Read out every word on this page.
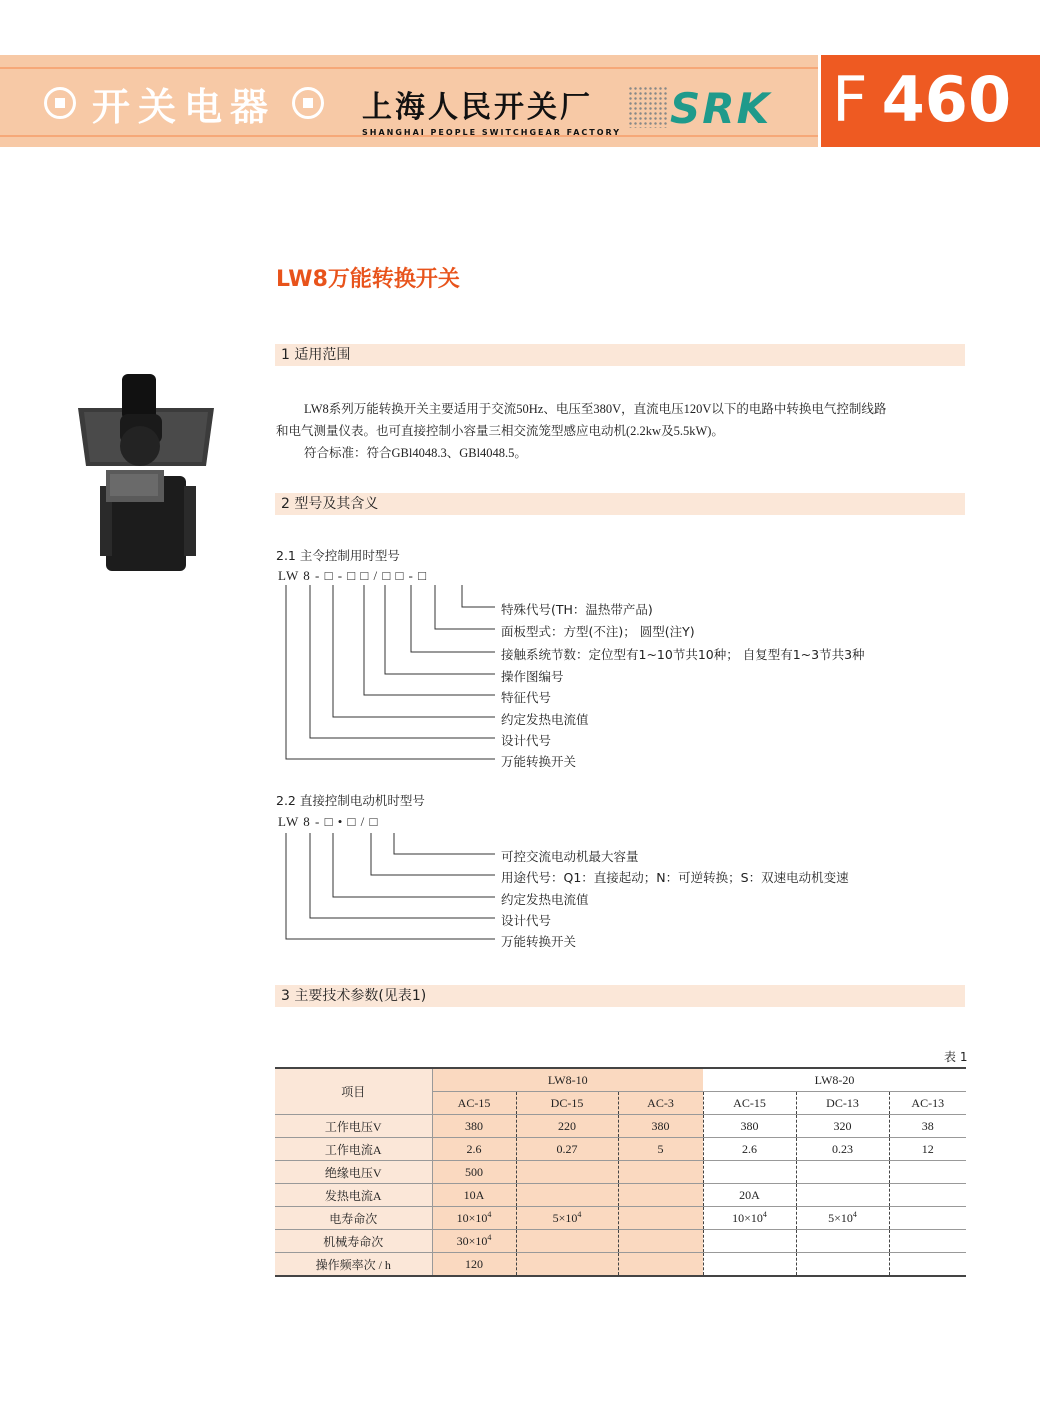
开关电器	上海人民开关厂
SHANGHAI PEOPLE SWITCHGEAR FACTORY SRK F 460
LW8万能转换开关
1 适用范围
LW8系列万能转换开关主要适用于交流50Hz、电压至380V，直流电压120V以下的电路中转换电气控制线路
和电气测量仪表。也可直接控制小容量三相交流笼型感应电动机(2.2kw及5.5kW)。
符合标准：符合GBl4048.3、GBl4048.5。
2 型号及其含义
2.1 主令控制用时型号
LW 8 - □ - □ □ / □ □ - □
特殊代号(TH：温热带产品)
面板型式：方型(不注)； 圆型(注Y)
接触系统节数：定位型有1~10节共10种； 自复型有1~3节共3种
操作图编号
特征代号
约定发热电流值
设计代号
万能转换开关
2.2 直接控制电动机时型号
LW 8 - □ • □ / □
可控交流电动机最大容量
用途代号：Q1：直接起动；N：可逆转换；S：双速电动机变速
约定发热电流值
设计代号
万能转换开关
3 主要技术参数(见表1)
表 1
项目	LW8-10			LW8-20		
	AC-15	DC-15	AC-3	AC-15	DC-13	AC-13
工作电压V	380	220	380	380	320	38
工作电流A	2.6	0.27	5	2.6	0.23	12
绝缘电压V	500					
发热电流A	10A			20A		
电寿命次	$10\times 10^4$	$5\times 10^4$		$10\times 10^4$	$5\times 10^4$	
机械寿命次	$30\times 10^4$					
操作频率次 / h	120					
